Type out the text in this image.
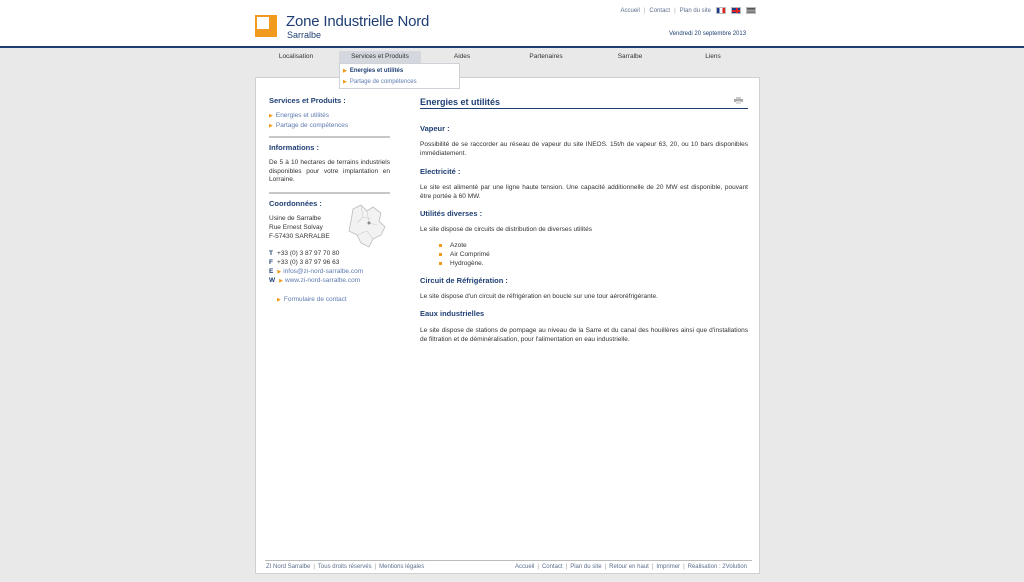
Zone Industrielle Nord
Sarralbe
Accueil | Contact | Plan du site
Vendredi 20 septembre 2013
Localisation	Services et Produits	Aides	Partenaires	Sarralbe	Liens
Services et Produits :
▶ Energies et utilités
▶ Partage de compétences
Informations :
De 5 à 10 hectares de terrains industriels disponibles pour votre implantation en Lorraine.
Coordonnées :
Usine de Sarralbe
Rue Ernest Solvay
F-57430 SARRALBE
T +33 (0) 3 87 97 70 80
F +33 (0) 3 87 97 96 63
E ▶ infos@zi-nord-sarralbe.com
W ▶ www.zi-nord-sarralbe.com
▶ Formulaire de contact
Energies et utilités
Vapeur :
Possibilité de se raccorder au réseau de vapeur du site INEOS. 15t/h de vapeur 63, 20, ou 10 bars disponibles immédiatement.
Electricité :
Le site est alimenté par une ligne haute tension. Une capacité additionnelle de 20 MW est disponible, pouvant être portée à 60 MW.
Utilités diverses :
Le site dispose de circuits de distribution de diverses utilités
Azote
Air Comprimé
Hydrogène.
Circuit de Réfrigération :
Le site dispose d'un circuit de réfrigération en boucle sur une tour aéroréfrigérante.
Eaux industrielles
Le site dispose de stations de pompage au niveau de la Sarre et du canal des houillères ainsi que d'installations de filtration et de déminéralisation, pour l'alimentation en eau industrielle.
ZI Nord Sarralbe | Tous droits réservés | Mentions légales	Accueil | Contact | Plan du site | Retour en haut | Imprimer | Réalisation : 2Volution
▶ Energies et utilités
▶ Partage de compétences
